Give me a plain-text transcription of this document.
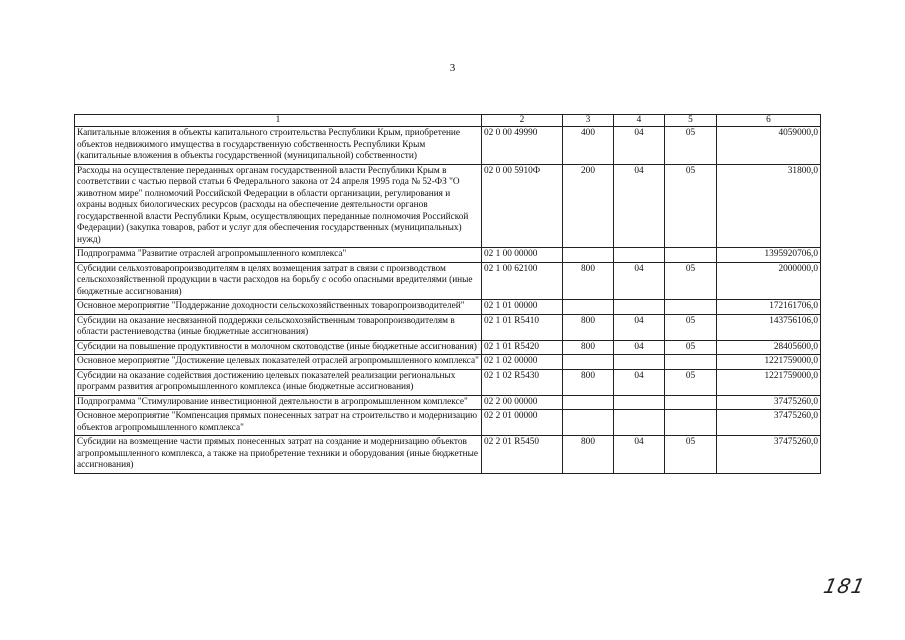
3
1	2	3	4	5	6
Капитальные вложения в объекты капитального строительства Республики Крым, приобретение объектов недвижимого имущества в государственную собственность Республики Крым (капитальные вложения в объекты государственной (муниципальной) собственности)	02 0 00 49990	400	04	05	4059000,0
Расходы на осуществление переданных органам государственной власти Республики Крым в соответствии с частью первой статьи 6 Федерального закона от 24 апреля 1995 года № 52-ФЗ "О животном мире" полномочий Российской Федерации в области организации, регулирования и охраны водных биологических ресурсов (расходы на обеспечение деятельности органов государственной власти Республики Крым, осуществляющих переданные полномочия Российской Федерации) (закупка товаров, работ и услуг для обеспечения государственных (муниципальных) нужд)	02 0 00 5910Ф	200	04	05	31800,0
Подпрограмма "Развитие отраслей агропромышленного комплекса"	02 1 00 00000				1395920706,0
Субсидии сельхозтоваропроизводителям в целях возмещения затрат в связи с производством сельскохозяйственной продукции в части расходов на борьбу с особо опасными вредителями (иные бюджетные ассигнования)	02 1 00 62100	800	04	05	2000000,0
Основное мероприятие "Поддержание доходности сельскохозяйственных товаропроизводителей"	02 1 01 00000				172161706,0
Субсидии на оказание несвязанной поддержки сельскохозяйственным товаропроизводителям в области растениеводства (иные бюджетные ассигнования)	02 1 01 R5410	800	04	05	143756106,0
Субсидии на повышение продуктивности в молочном скотоводстве (иные бюджетные ассигнования)	02 1 01 R5420	800	04	05	28405600,0
Основное мероприятие "Достижение целевых показателей отраслей агропромышленного комплекса"	02 1 02 00000				1221759000,0
Субсидии на оказание содействия достижению целевых показателей реализации региональных программ развития агропромышленного комплекса (иные бюджетные ассигнования)	02 1 02 R5430	800	04	05	1221759000,0
Подпрограмма "Стимулирование инвестиционной деятельности в агропромышленном комплексе"	02 2 00 00000				37475260,0
Основное мероприятие "Компенсация прямых понесенных затрат на строительство и модернизацию объектов агропромышленного комплекса"	02 2 01 00000				37475260,0
Субсидии на возмещение части прямых понесенных затрат на создание и модернизацию объектов агропромышленного комплекса, а также на приобретение техники и оборудования (иные бюджетные ассигнования)	02 2 01 R5450	800	04	05	37475260,0
181
